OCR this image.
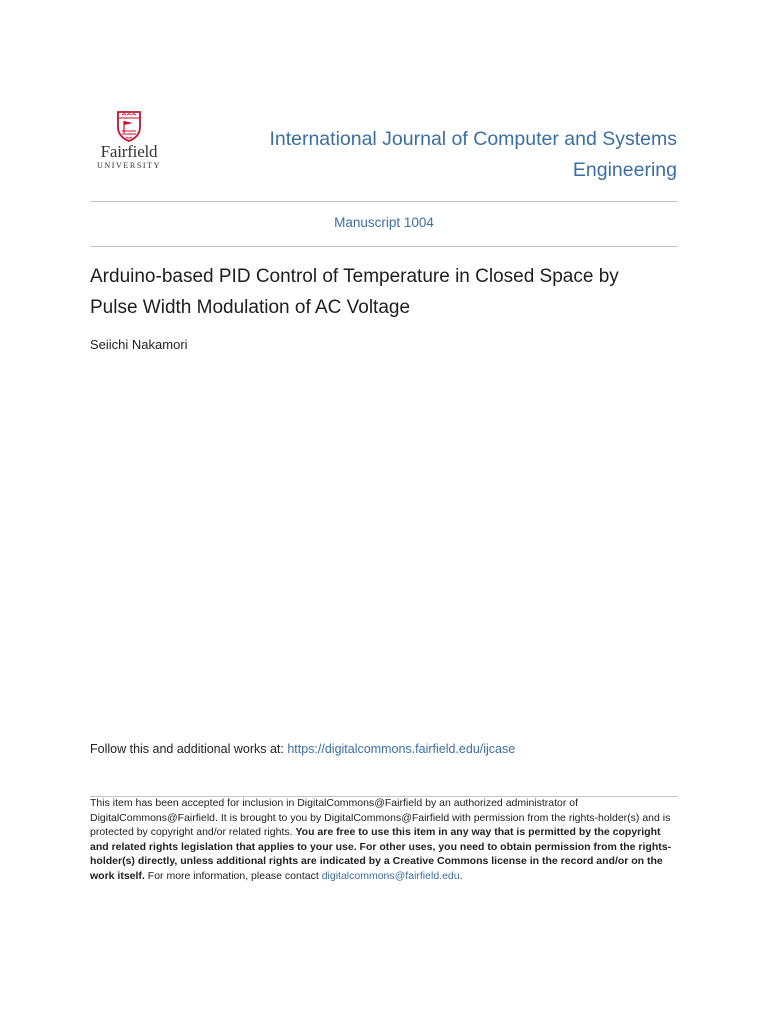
Fairfield
UNIVERSITY
International Journal of Computer and Systems
Engineering
Manuscript 1004
Arduino-based PID Control of Temperature in Closed Space by
Pulse Width Modulation of AC Voltage
Seiichi Nakamori
Follow this and additional works at: https://digitalcommons.fairfield.edu/ijcase
This item has been accepted for inclusion in DigitalCommons@Fairfield by an authorized administrator of DigitalCommons@Fairfield. It is brought to you by DigitalCommons@Fairfield with permission from the rights-holder(s) and is protected by copyright and/or related rights. You are free to use this item in any way that is permitted by the copyright and related rights legislation that applies to your use. For other uses, you need to obtain permission from the rights-holder(s) directly, unless additional rights are indicated by a Creative Commons license in the record and/or on the work itself. For more information, please contact digitalcommons@fairfield.edu.
